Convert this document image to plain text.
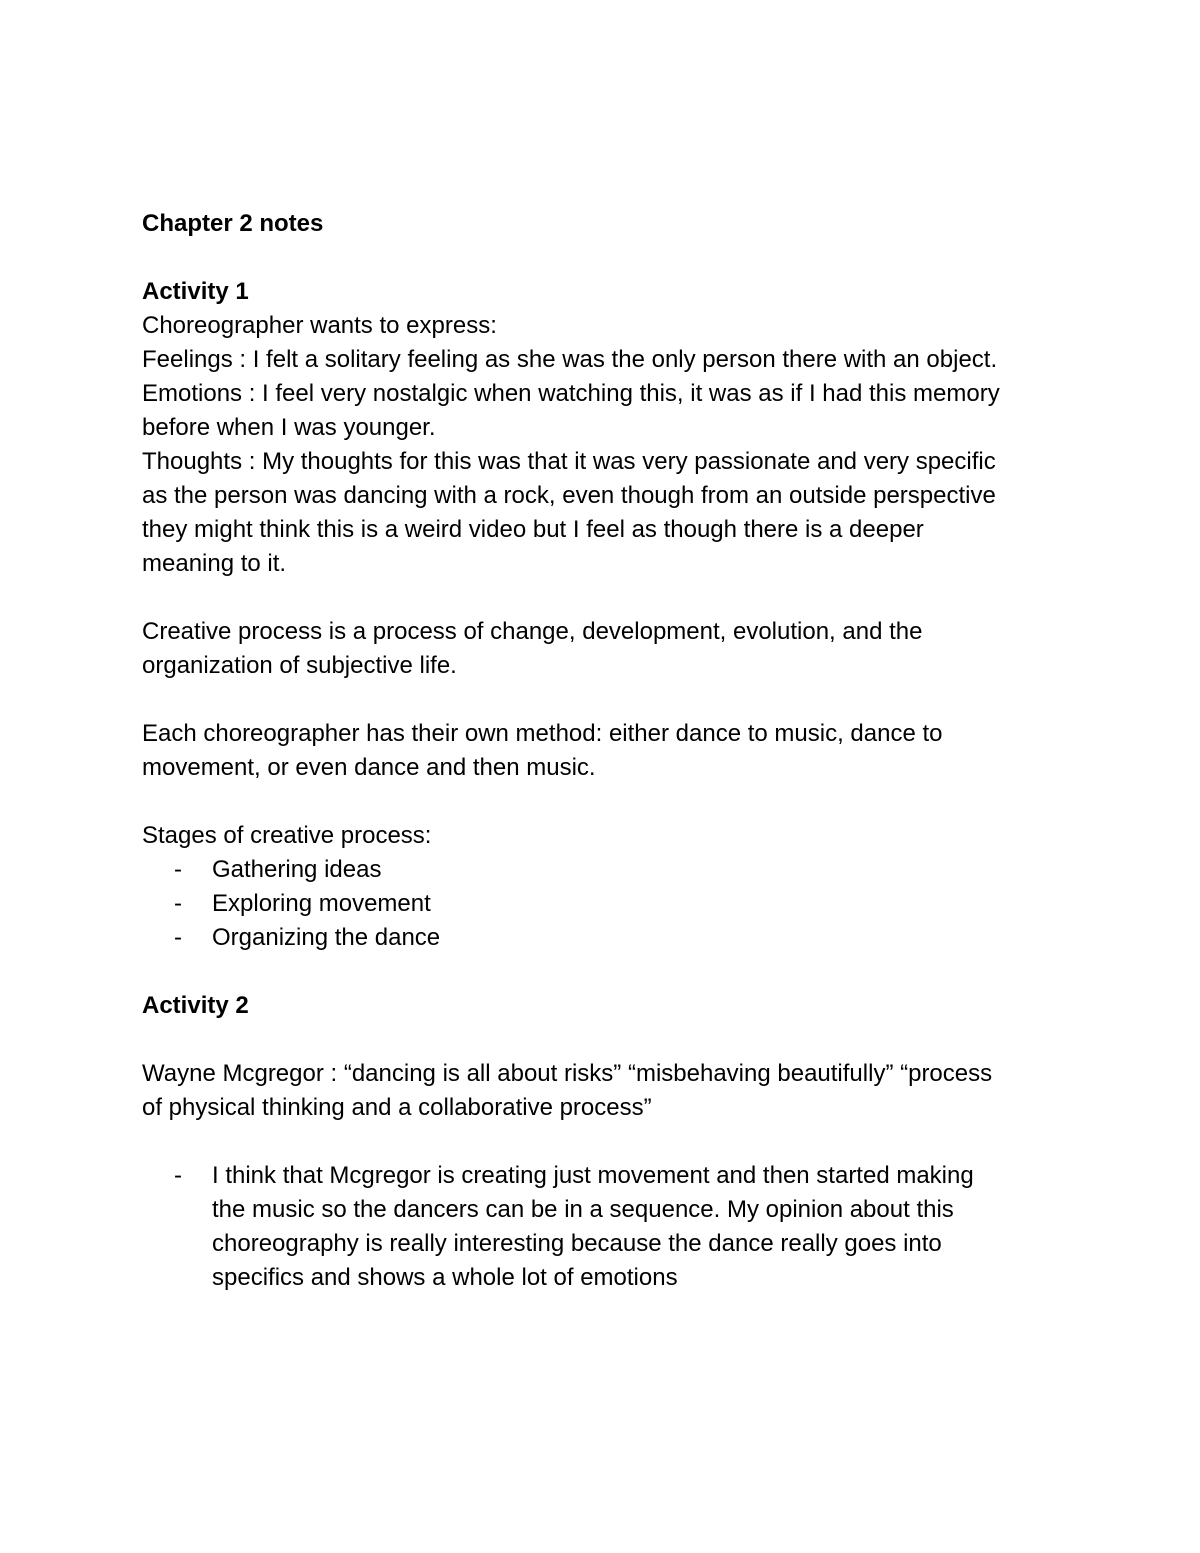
Chapter 2 notes

Activity 1

Choreographer wants to express:

Feelings : I felt a solitary feeling as she was the only person there with an object.

Emotions : I feel very nostalgic when watching this, it was as if I had this memory

before when I was younger.

Thoughts : My thoughts for this was that it was very passionate and very specific

as the person was dancing with a rock, even though from an outside perspective

they might think this is a weird video but I feel as though there is a deeper

meaning to it.

Creative process is a process of change, development, evolution, and the

organization of subjective life.

Each choreographer has their own method: either dance to music, dance to

movement, or even dance and then music.

Stages of creative process:

-	Gathering ideas
-	Exploring movement
-	Organizing the dance

Activity 2

Wayne Mcgregor : “dancing is all about risks” “misbehaving beautifully” “process

of physical thinking and a collaborative process”

-	I think that Mcgregor is creating just movement and then started making
the music so the dancers can be in a sequence. My opinion about this
choreography is really interesting because the dance really goes into
specifics and shows a whole lot of emotions
